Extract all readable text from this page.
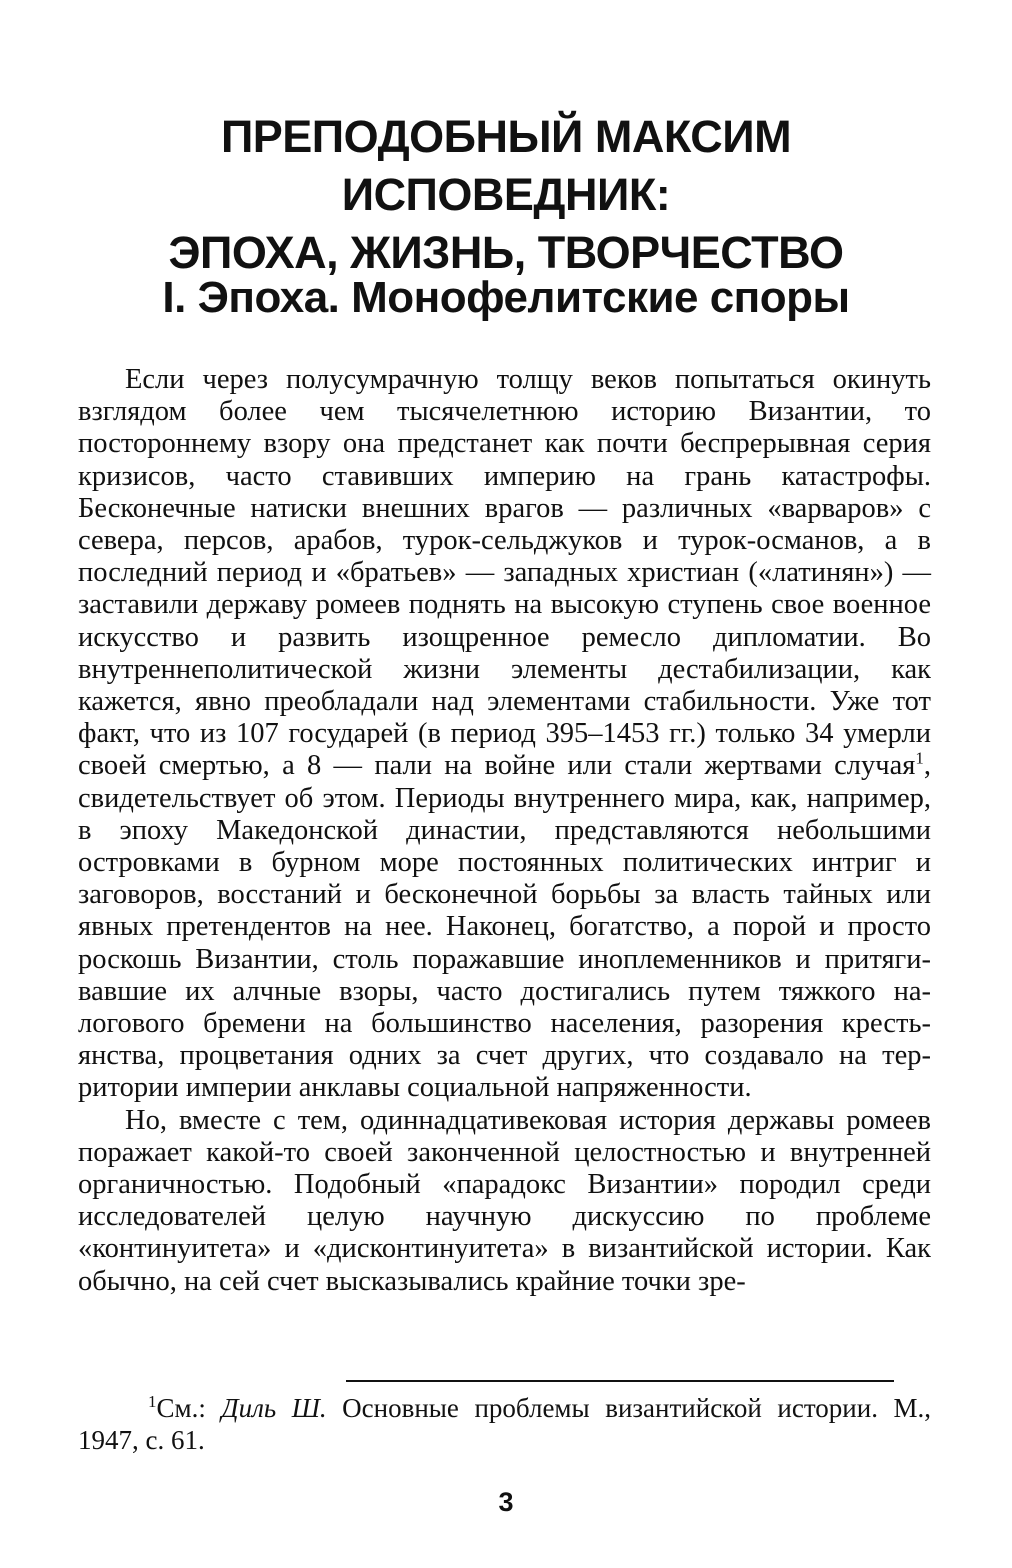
ПРЕПОДОБНЫЙ МАКСИМ ИСПОВЕДНИК:
ЭПОХА, ЖИЗНЬ, ТВОРЧЕСТВО
I. Эпоха. Монофелитские споры

Если через полусумрачную толщу веков попытаться окинуть взглядом более чем тысячелетнюю историю Византии, то постороннему взору она предстанет как почти беспрерывная серия кризисов, часто ставивших империю на грань катастрофы. Бесконечные натиски внешних врагов — различных «варваров» с севера, персов, арабов, турок-сельджуков и турок-османов, а в последний период и «братьев» — западных христиан («латинян») — заставили державу ромеев поднять на высокую ступень свое военное искусство и развить изощренное ремесло дипломатии. Во внутреннеполитической жизни элементы дестабилизации, как кажется, явно преобладали над элементами стабильности. Уже тот факт, что из 107 государей (в период 395–1453 гг.) только 34 умерли своей смертью, а 8 — пали на войне или стали жертвами случая$^1$, свидетельствует об этом. Периоды внутреннего мира, как, например, в эпоху Македонской династии, представляются небольшими островками в бурном море постоянных политических интриг и заговоров, восстаний и бесконечной борьбы за власть тайных или явных претендентов на нее. Наконец, богатство, а порой и просто роскошь Византии, столь поражавшие иноплеменников и притягивавшие их алчные взоры, часто достигались путем тяжкого налогового бремени на большинство населения, разорения крестьянства, процветания одних за счет других, что создавало на территории империи анклавы социальной напряженности.

Но, вместе с тем, одиннадцативековая история державы ромеев поражает какой-то своей законченной целостностью и внутренней органичностью. Подобный «парадокс Византии» породил среди исследователей целую научную дискуссию по проблеме «континуитета» и «дисконтинуитета» в византийской истории. Как обычно, на сей счет высказывались крайние точки зре-

$^1$См.: Диль Ш. Основные проблемы византийской истории. М., 1947, с. 61.

3
